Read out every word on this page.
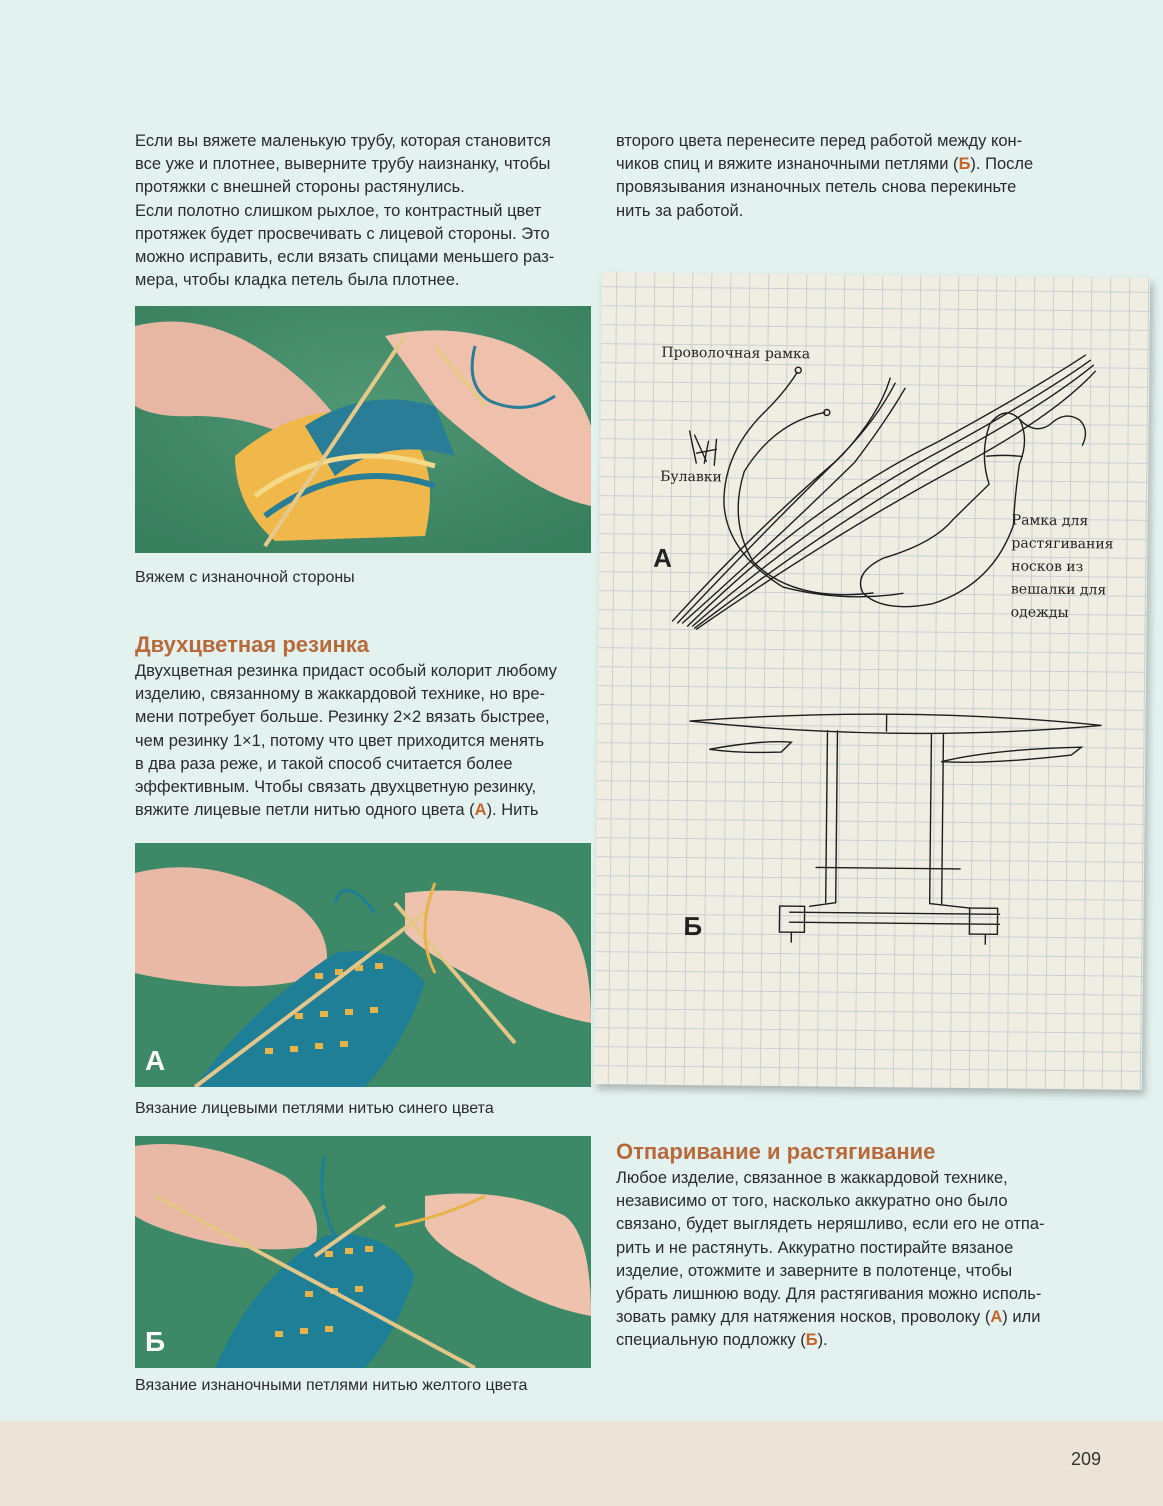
Если вы вяжете маленькую трубу, которая становится
все уже и плотнее, выверните трубу наизнанку, чтобы
протяжки с внешней стороны растянулись.
Если полотно слишком рыхлое, то контрастный цвет
протяжек будет просвечивать с лицевой стороны. Это
можно исправить, если вязать спицами меньшего раз-
мера, чтобы кладка петель была плотнее.

Вяжем с изнаночной стороны

Двухцветная резинка
Двухцветная резинка придаст особый колорит любому
изделию, связанному в жаккардовой технике, но вре-
мени потребует больше. Резинку 2×2 вязать быстрее,
чем резинку 1×1, потому что цвет приходится менять
в два раза реже, и такой способ считается более
эффективным. Чтобы связать двухцветную резинку,
вяжите лицевые петли нитью одного цвета (А). Нить
А

Вязание лицевыми петлями нитью синего цвета

Б

Вязание изнаночными петлями нитью желтого цвета

второго цвета перенесите перед работой между кон-
чиков спиц и вяжите изнаночными петлями (Б). После
провязывания изнаночных петель снова перекиньте
нить за работой.
Проволочная рамка
Булавки
Рамка для растягивания носков из вешалки для одежды
А
Б
Отпаривание и растягивание
Любое изделие, связанное в жаккардовой технике,
независимо от того, насколько аккуратно оно было
связано, будет выглядеть неряшливо, если его не отпа-
рить и не растянуть. Аккуратно постирайте вязаное
изделие, отожмите и заверните в полотенце, чтобы
убрать лишнюю воду. Для растягивания можно исполь-
зовать рамку для натяжения носков, проволоку (А) или
специальную подложку (Б).
209
